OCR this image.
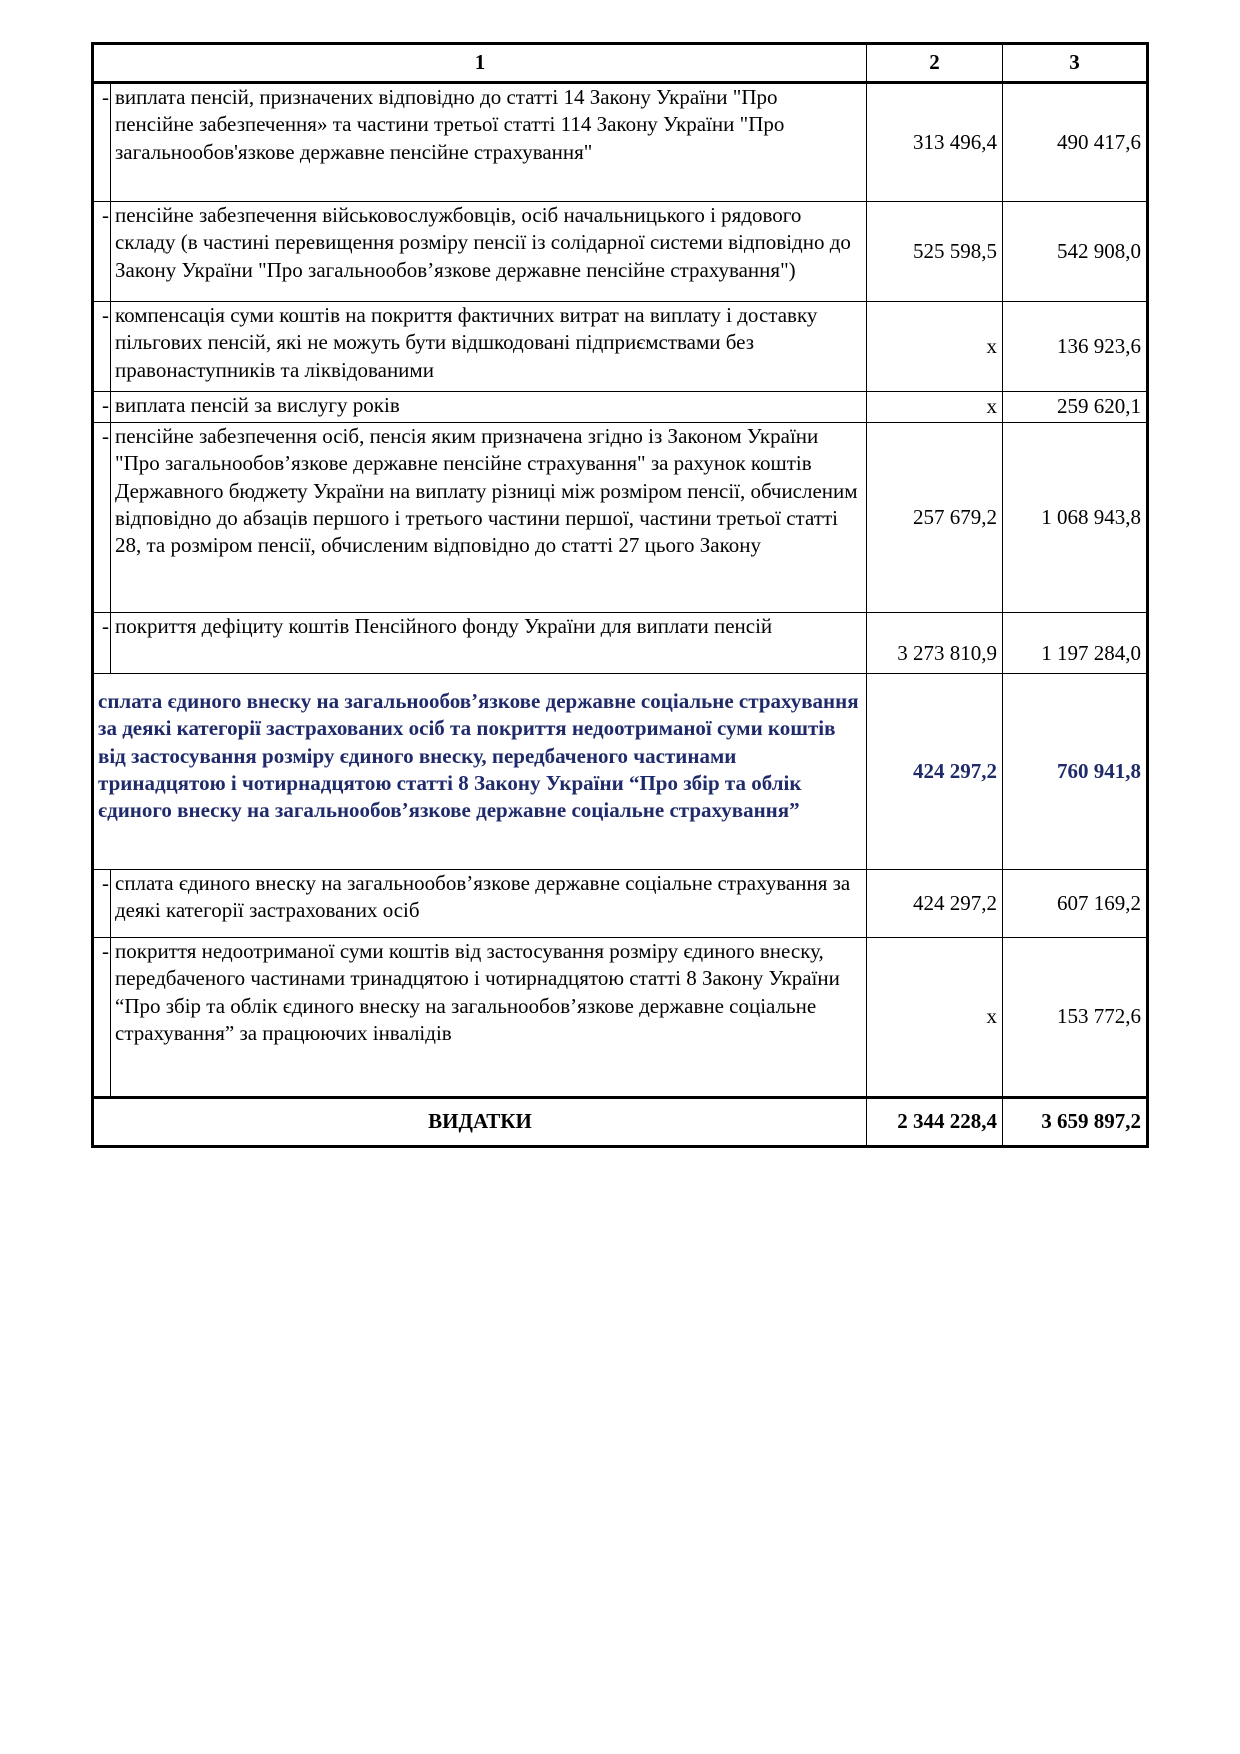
1		2	3
-	виплата пенсій, призначених відповідно до статті 14 Закону України "Про пенсійне забезпечення» та частини третьої статті 114 Закону України "Про загальнообов'язкове державне пенсійне страхування"	313 496,4	490 417,6
-	пенсійне забезпечення військовослужбовців, осіб начальницького і рядового складу (в частині перевищення розміру пенсії із солідарної системи відповідно до Закону України "Про загальнообов’язкове державне пенсійне страхування")	525 598,5	542 908,0
-	компенсація суми коштів на покриття фактичних витрат на виплату і доставку пільгових пенсій, які не можуть бути відшкодовані підприємствами без правонаступників та ліквідованими	х	136 923,6
-	виплата пенсій за вислугу років	х	259 620,1
-	пенсійне забезпечення осіб, пенсія яким призначена згідно із Законом України "Про загальнообов’язкове державне пенсійне страхування" за рахунок коштів Державного бюджету України на виплату різниці між розміром пенсії, обчисленим відповідно до абзаців першого і третього частини першої, частини третьої статті 28, та розміром пенсії, обчисленим відповідно до статті 27 цього Закону	257 679,2	1 068 943,8
-	покриття дефіциту коштів Пенсійного фонду України для виплати пенсій	3 273 810,9	1 197 284,0
сплата єдиного внеску на загальнообов’язкове державне соціальне страхування за деякі категорії застрахованих осіб та покриття недоотриманої суми коштів від застосування розміру єдиного внеску, передбаченого частинами тринадцятою і чотирнадцятою статті 8 Закону України “Про збір та облік єдиного внеску на загальнообов’язкове державне соціальне страхування”		424 297,2	760 941,8
-	сплата єдиного внеску на загальнообов’язкове державне соціальне страхування за деякі категорії застрахованих осіб	424 297,2	607 169,2
-	покриття недоотриманої суми коштів від застосування розміру єдиного внеску, передбаченого частинами тринадцятою і чотирнадцятою статті 8 Закону України “Про збір та облік єдиного внеску на загальнообов’язкове державне соціальне страхування” за працюючих інвалідів	х	153 772,6
ВИДАТКИ		2 344 228,4	3 659 897,2
